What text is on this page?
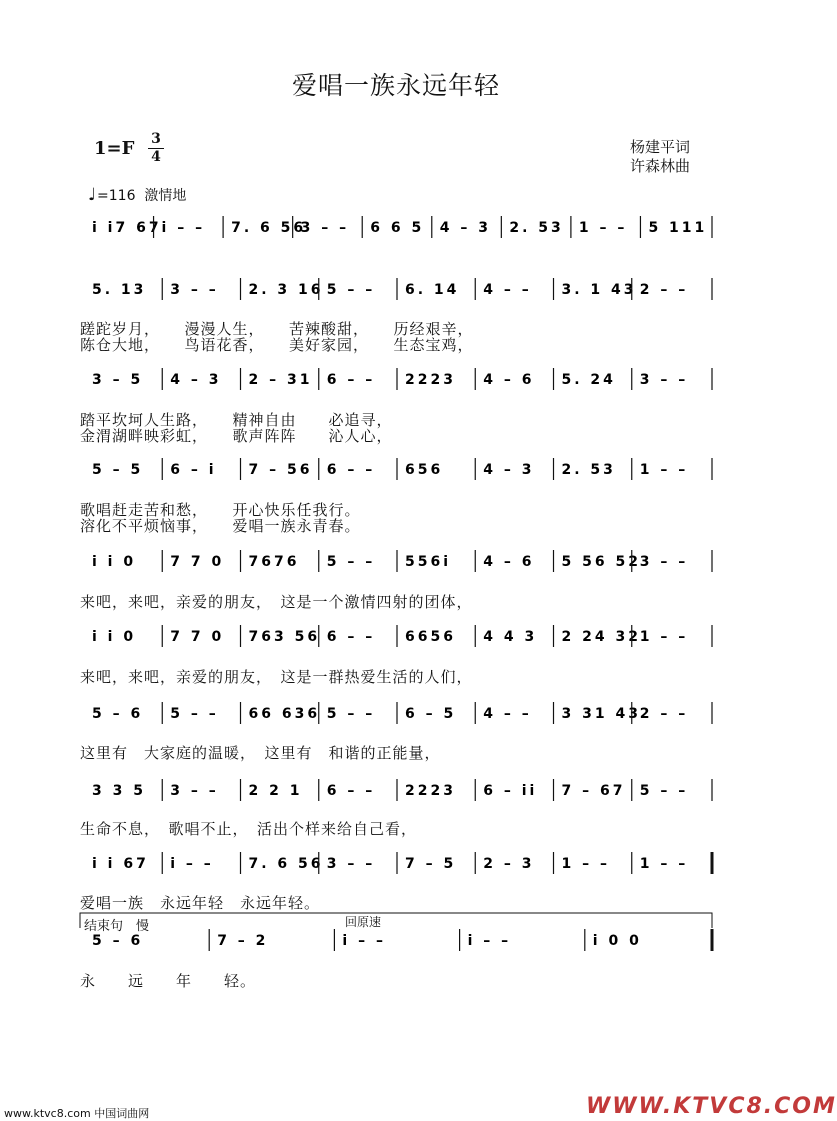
爱唱一族永远年轻
1=F 3
4
杨建平词
许森林曲
♩=116 激情地
i i7 67 i – – 7. 6 56
3 – – 6 6 5 4 – 3 2. 53 1 – – 5 111
5. 13 3 – – 2. 3 16 5 – – 6. 14 4 – – 3. 1 43 2 – –
3 – 5 4 – 3 2 – 31 6 – – 2223 4 – 6 5. 24 3 – –
5 – 5 6 – i 7 – 56 6 – – 656	4 – 3 2. 53 1 – –
i i 0 7 7 0 7676 5 – – 556i 4 – 6 5 56 52
3 – –
i i 0 7 7 0 763 56 6 – – 6656 4 4 3 2 24 32
1 – –
5 – 6 5 – – 66 636 5 – – 6 – 5 4 – – 3 31 43
2 – –
3 3 5 3 – – 2 2 1 6 – – 2223 6 – ii 7 – 67 5 – –
i i 67 i – – 7. 6 56 3 – – 7 – 5 2 – 3 1 – – 1 – –
5 – 6	7 – 2	i – –	i – –	i 0 0
蹉跎岁月，　　漫漫人生，　　苦辣酸甜，　　历经艰辛，
陈仓大地，　　鸟语花香，　　美好家园，　　生态宝鸡，
踏平坎坷人生路，　　精神自由　　必追寻，
金渭湖畔映彩虹，　　歌声阵阵　　沁人心，
歌唱赶走苦和愁，　　开心快乐任我行。
溶化不平烦恼事，　　爱唱一族永青春。
来吧，来吧，亲爱的朋友，　这是一个激情四射的团体，
来吧，来吧，亲爱的朋友，　这是一群热爱生活的人们，
这里有　大家庭的温暖，　这里有　和谐的正能量，
生命不息，　歌唱不止，　活出个样来给自己看，
爱唱一族　永远年轻　永远年轻。
永　　远　　年　　轻。
结束句　慢	回原速
www.ktvc8.com 中国词曲网	WWW.KTVC8.COM
